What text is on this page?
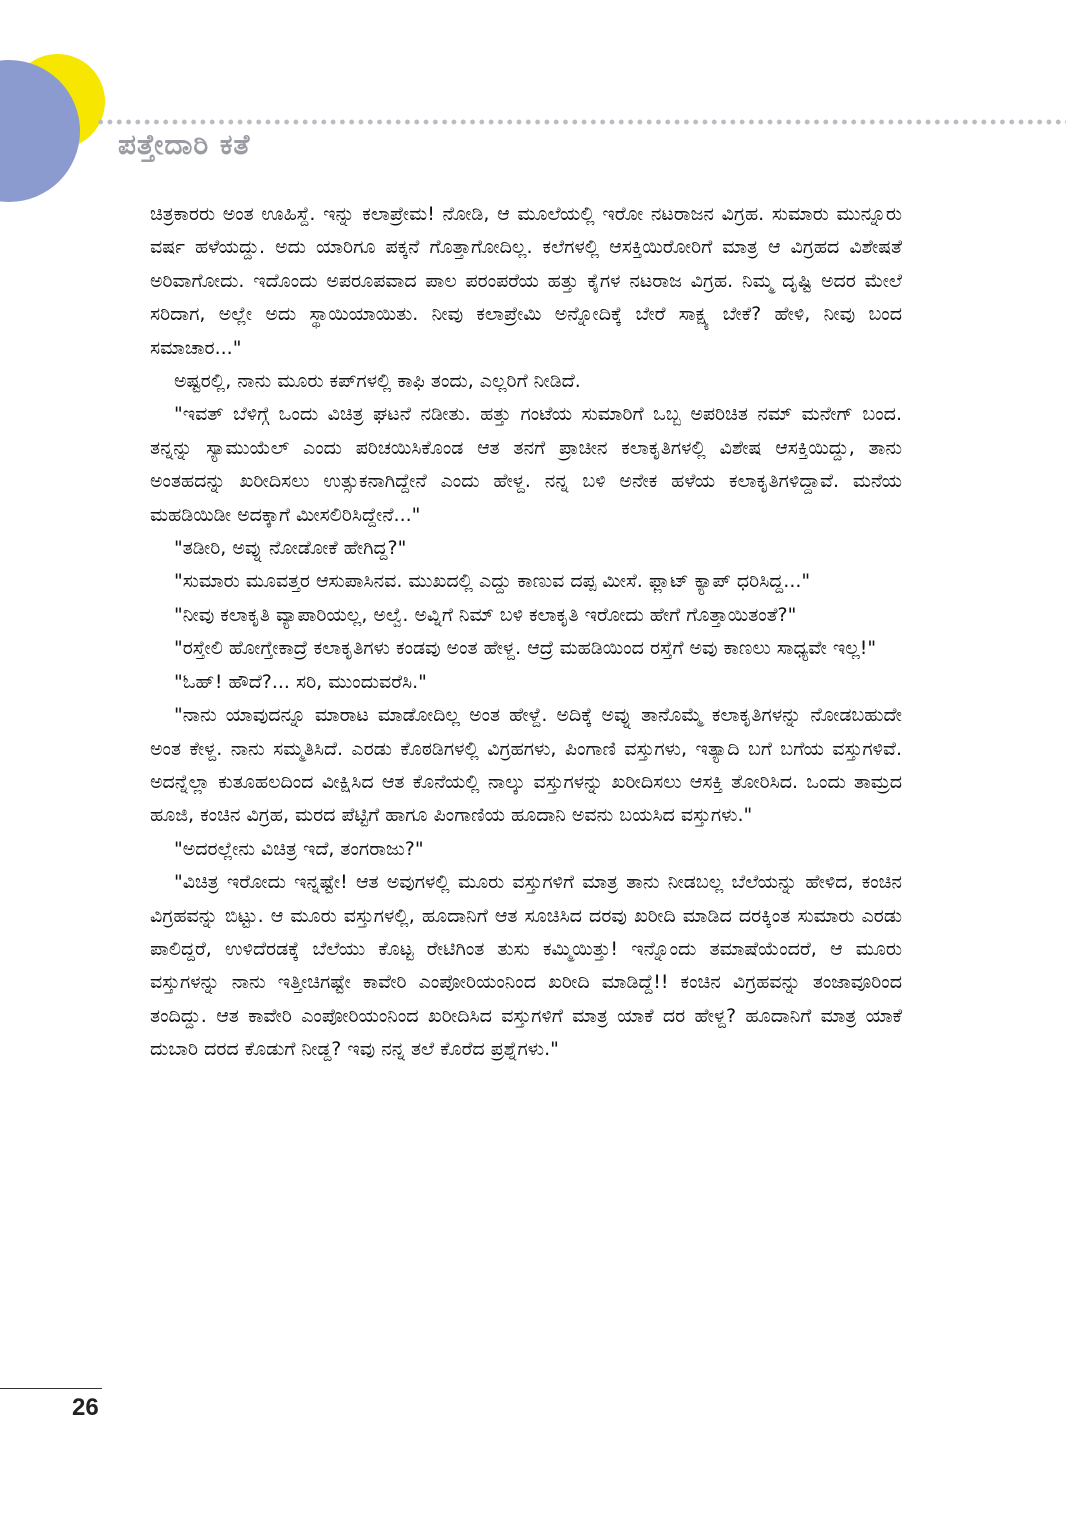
ಪತ್ತೇದಾರಿ ಕತೆ

ಚಿತ್ರಕಾರರು ಅಂತ ಊಹಿಸ್ದೆ. ಇನ್ನು ಕಲಾಪ್ರೇಮ! ನೋಡಿ, ಆ ಮೂಲೆಯಲ್ಲಿ ಇರೋ ನಟರಾಜನ ವಿಗ್ರಹ. ಸುಮಾರು ಮುನ್ನೂರು ವರ್ಷ ಹಳೆಯದ್ದು. ಅದು ಯಾರಿಗೂ ಪಕ್ಕನೆ ಗೊತ್ತಾಗೋದಿಲ್ಲ. ಕಲೆಗಳಲ್ಲಿ ಆಸಕ್ತಿಯಿರೋರಿಗೆ ಮಾತ್ರ ಆ ವಿಗ್ರಹದ ವಿಶೇಷತೆ ಅರಿವಾಗೋದು. ಇದೊಂದು ಅಪರೂಪವಾದ ಪಾಲ ಪರಂಪರೆಯ ಹತ್ತು ಕೈಗಳ ನಟರಾಜ ವಿಗ್ರಹ. ನಿಮ್ಮ ದೃಷ್ಟಿ ಅದರ ಮೇಲೆ ಸರಿದಾಗ, ಅಲ್ಲೇ ಅದು ಸ್ಥಾಯಿಯಾಯಿತು. ನೀವು ಕಲಾಪ್ರೇಮಿ ಅನ್ನೋದಿಕ್ಕೆ ಬೇರೆ ಸಾಕ್ಷ್ಯ ಬೇಕೆ? ಹೇಳಿ, ನೀವು ಬಂದ ಸಮಾಚಾರ..."

ಅಷ್ಟರಲ್ಲಿ, ನಾನು ಮೂರು ಕಪ್‌ಗಳಲ್ಲಿ ಕಾಫಿ ತಂದು, ಎಲ್ಲರಿಗೆ ನೀಡಿದೆ.

"ಇವತ್ ಬೆಳಿಗ್ಗೆ ಒಂದು ವಿಚಿತ್ರ ಘಟನೆ ನಡೀತು. ಹತ್ತು ಗಂಟೆಯ ಸುಮಾರಿಗೆ ಒಬ್ಬ ಅಪರಿಚಿತ ನಮ್ ಮನೇಗ್ ಬಂದ. ತನ್ನನ್ನು ಸ್ಯಾಮುಯೆಲ್ ಎಂದು ಪರಿಚಯಿಸಿಕೊಂಡ ಆತ ತನಗೆ ಪ್ರಾಚೀನ ಕಲಾಕೃತಿಗಳಲ್ಲಿ ವಿಶೇಷ ಆಸಕ್ತಿಯಿದ್ದು, ತಾನು ಅಂತಹದನ್ನು ಖರೀದಿಸಲು ಉತ್ಸುಕನಾಗಿದ್ದೇನೆ ಎಂದು ಹೇಳ್ದ. ನನ್ನ ಬಳಿ ಅನೇಕ ಹಳೆಯ ಕಲಾಕೃತಿಗಳಿದ್ದಾವೆ. ಮನೆಯ ಮಹಡಿಯಿಡೀ ಅದಕ್ಕಾಗೆ ಮೀಸಲಿರಿಸಿದ್ದೇನೆ..."

"ತಡೀರಿ, ಅವ್ನು ನೋಡೋಕೆ ಹೇಗಿದ್ದ?"

"ಸುಮಾರು ಮೂವತ್ತರ ಆಸುಪಾಸಿನವ. ಮುಖದಲ್ಲಿ ಎದ್ದು ಕಾಣುವ ದಪ್ಪ ಮೀಸೆ. ಫ್ಲಾಟ್ ಕ್ಯಾಪ್ ಧರಿಸಿದ್ದ..."

"ನೀವು ಕಲಾಕೃತಿ ವ್ಯಾಪಾರಿಯಲ್ಲ, ಅಲ್ವೆ. ಅವ್ನಿಗೆ ನಿಮ್ ಬಳಿ ಕಲಾಕೃತಿ ಇರೋದು ಹೇಗೆ ಗೊತ್ತಾಯಿತಂತೆ?"

"ರಸ್ತೇಲಿ ಹೋಗ್ತೇಕಾದ್ರೆ ಕಲಾಕೃತಿಗಳು ಕಂಡವು ಅಂತ ಹೇಳ್ದ. ಆದ್ರೆ ಮಹಡಿಯಿಂದ ರಸ್ತೆಗೆ ಅವು ಕಾಣಲು ಸಾಧ್ಯವೇ ಇಲ್ಲ!"

"ಓಹ್! ಹೌದೆ?... ಸರಿ, ಮುಂದುವರೆಸಿ."

"ನಾನು ಯಾವುದನ್ನೂ ಮಾರಾಟ ಮಾಡೋದಿಲ್ಲ ಅಂತ ಹೇಳ್ದೆ. ಅದಿಕ್ಕೆ ಅವ್ನು ತಾನೊಮ್ಮೆ ಕಲಾಕೃತಿಗಳನ್ನು ನೋಡಬಹುದೇ ಅಂತ ಕೇಳ್ದ. ನಾನು ಸಮ್ಮತಿಸಿದೆ. ಎರಡು ಕೊಠಡಿಗಳಲ್ಲಿ ವಿಗ್ರಹಗಳು, ಪಿಂಗಾಣಿ ವಸ್ತುಗಳು, ಇತ್ಯಾದಿ ಬಗೆ ಬಗೆಯ ವಸ್ತುಗಳಿವೆ. ಅದನ್ನೆಲ್ಲಾ ಕುತೂಹಲದಿಂದ ವೀಕ್ಷಿಸಿದ ಆತ ಕೊನೆಯಲ್ಲಿ ನಾಲ್ಕು ವಸ್ತುಗಳನ್ನು ಖರೀದಿಸಲು ಆಸಕ್ತಿ ತೋರಿಸಿದ. ಒಂದು ತಾಮ್ರದ ಹೂಜಿ, ಕಂಚಿನ ವಿಗ್ರಹ, ಮರದ ಪೆಟ್ಟಿಗೆ ಹಾಗೂ ಪಿಂಗಾಣಿಯ ಹೂದಾನಿ ಅವನು ಬಯಸಿದ ವಸ್ತುಗಳು."

"ಅದರಲ್ಲೇನು ವಿಚಿತ್ರ ಇದೆ, ತಂಗರಾಜು?"

"ವಿಚಿತ್ರ ಇರೋದು ಇನ್ನಷ್ಟೇ! ಆತ ಅವುಗಳಲ್ಲಿ ಮೂರು ವಸ್ತುಗಳಿಗೆ ಮಾತ್ರ ತಾನು ನೀಡಬಲ್ಲ ಬೆಲೆಯನ್ನು ಹೇಳಿದ, ಕಂಚಿನ ವಿಗ್ರಹವನ್ನು ಬಿಟ್ಟು. ಆ ಮೂರು ವಸ್ತುಗಳಲ್ಲಿ, ಹೂದಾನಿಗೆ ಆತ ಸೂಚಿಸಿದ ದರವು ಖರೀದಿ ಮಾಡಿದ ದರಕ್ಕಿಂತ ಸುಮಾರು ಎರಡು ಪಾಲಿದ್ದರೆ, ಉಳಿದೆರಡಕ್ಕೆ ಬೆಲೆಯು ಕೊಟ್ಟ ರೇಟಿಗಿಂತ ತುಸು ಕಮ್ಮಿಯಿತ್ತು! ಇನ್ನೊಂದು ತಮಾಷೆಯೆಂದರೆ, ಆ ಮೂರು ವಸ್ತುಗಳನ್ನು ನಾನು ಇತ್ತೀಚಿಗಷ್ಟೇ ಕಾವೇರಿ ಎಂಪೋರಿಯಂನಿಂದ ಖರೀದಿ ಮಾಡಿದ್ದೆ!! ಕಂಚಿನ ವಿಗ್ರಹವನ್ನು ತಂಜಾವೂರಿಂದ ತಂದಿದ್ದು. ಆತ ಕಾವೇರಿ ಎಂಪೋರಿಯಂನಿಂದ ಖರೀದಿಸಿದ ವಸ್ತುಗಳಿಗೆ ಮಾತ್ರ ಯಾಕೆ ದರ ಹೇಳ್ದ? ಹೂದಾನಿಗೆ ಮಾತ್ರ ಯಾಕೆ ದುಬಾರಿ ದರದ ಕೊಡುಗೆ ನೀಡ್ದ? ಇವು ನನ್ನ ತಲೆ ಕೊರೆದ ಪ್ರಶ್ನೆಗಳು."

26
